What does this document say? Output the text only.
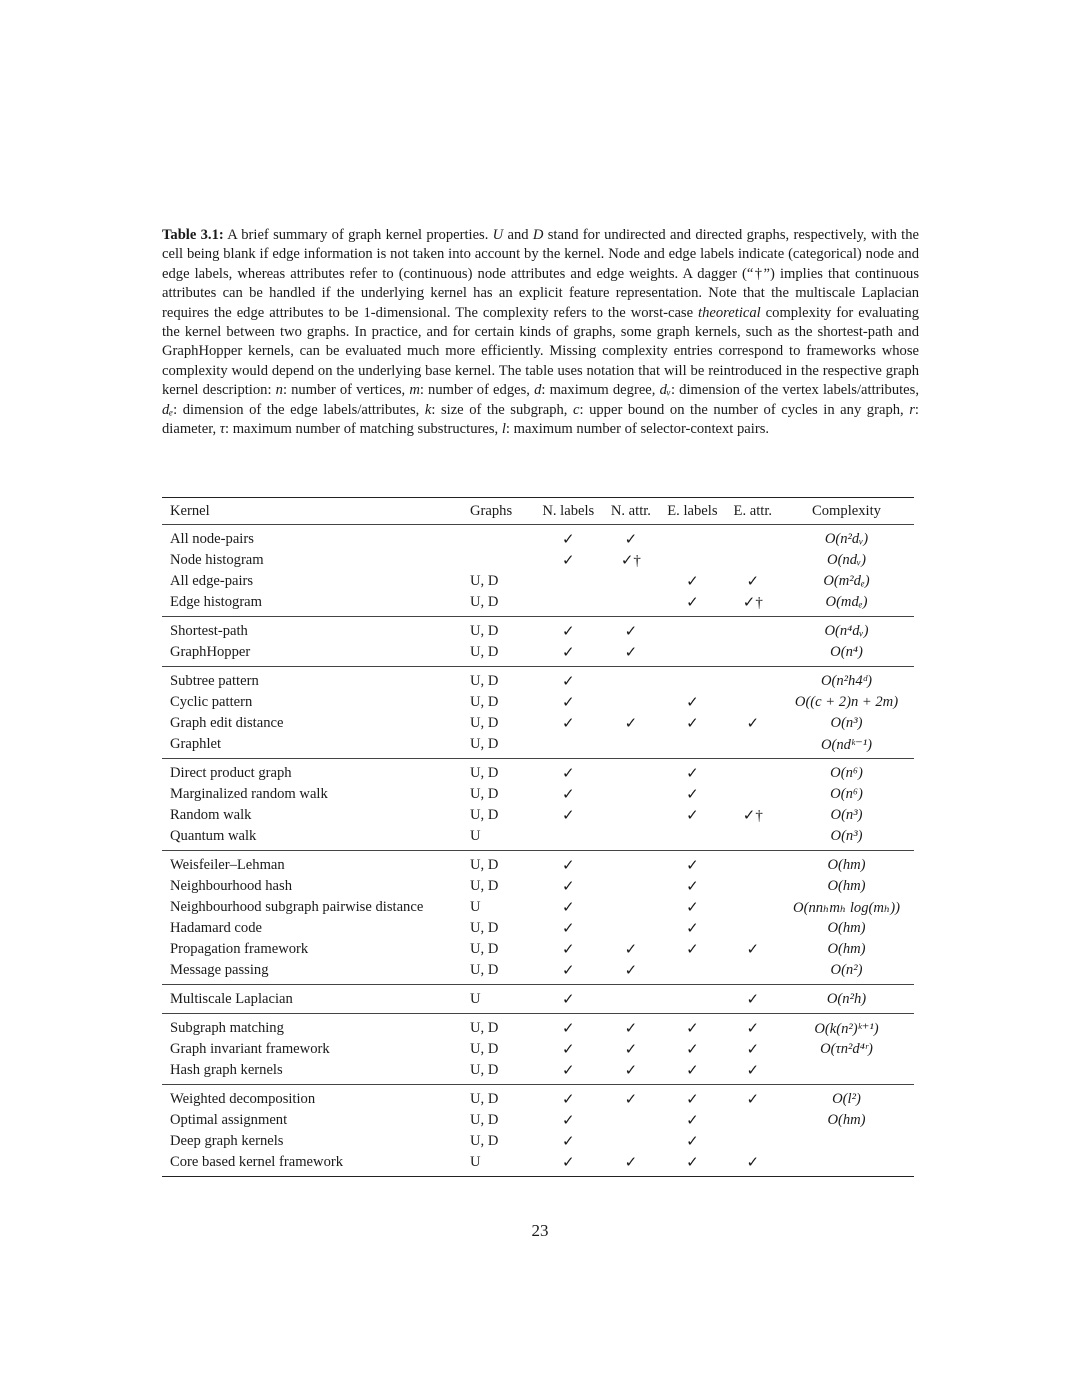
Table 3.1: A brief summary of graph kernel properties. U and D stand for undirected and directed graphs, respectively, with the cell being blank if edge information is not taken into account by the kernel. Node and edge labels indicate (categorical) node and edge labels, whereas attributes refer to (continuous) node attributes and edge weights. A dagger (“†”) implies that continuous attributes can be handled if the underlying kernel has an explicit feature representation. Note that the multiscale Laplacian requires the edge attributes to be 1-dimensional. The complexity refers to the worst-case theoretical complexity for evaluating the kernel between two graphs. In practice, and for certain kinds of graphs, some graph kernels, such as the shortest-path and GraphHopper kernels, can be evaluated much more efficiently. Missing complexity entries correspond to frameworks whose complexity would depend on the underlying base kernel. The table uses notation that will be reintroduced in the respective graph kernel description: n: number of vertices, m: number of edges, d: maximum degree, dᵥ: dimension of the vertex labels/attributes, dₑ: dimension of the edge labels/attributes, k: size of the subgraph, c: upper bound on the number of cycles in any graph, r: diameter, τ: maximum number of matching substructures, l: maximum number of selector-context pairs.
Kernel	Graphs	N. labels	N. attr.	E. labels	E. attr.	Complexity
All node-pairs		✓	✓			O(n²dᵥ)
Node histogram		✓	✓†			O(ndᵥ)
All edge-pairs	U, D			✓	✓	O(m²dₑ)
Edge histogram	U, D			✓	✓†	O(mdₑ)
Shortest-path	U, D	✓	✓			O(n⁴dᵥ)
GraphHopper	U, D	✓	✓			O(n⁴)
Subtree pattern	U, D	✓				O(n²h4ᵈ)
Cyclic pattern	U, D	✓		✓		O((c + 2)n + 2m)
Graph edit distance	U, D	✓	✓	✓	✓	O(n³)
Graphlet	U, D					O(ndᵏ⁻¹)
Direct product graph	U, D	✓		✓		O(n⁶)
Marginalized random walk	U, D	✓		✓		O(n⁶)
Random walk	U, D	✓		✓	✓†	O(n³)
Quantum walk	U					O(n³)
Weisfeiler–Lehman	U, D	✓		✓		O(hm)
Neighbourhood hash	U, D	✓		✓		O(hm)
Neighbourhood subgraph pairwise distance	U	✓		✓		O(nnₕmₕ log(mₕ))
Hadamard code	U, D	✓		✓		O(hm)
Propagation framework	U, D	✓	✓	✓	✓	O(hm)
Message passing	U, D	✓	✓			O(n²)
Multiscale Laplacian	U	✓			✓	O(n²h)
Subgraph matching	U, D	✓	✓	✓	✓	O(k(n²)ᵏ⁺¹)
Graph invariant framework	U, D	✓	✓	✓	✓	O(τn²d⁴ʳ)
Hash graph kernels	U, D	✓	✓	✓	✓	
Weighted decomposition	U, D	✓	✓	✓	✓	O(l²)
Optimal assignment	U, D	✓		✓		O(hm)
Deep graph kernels	U, D	✓		✓		
Core based kernel framework	U	✓	✓	✓	✓	
23
